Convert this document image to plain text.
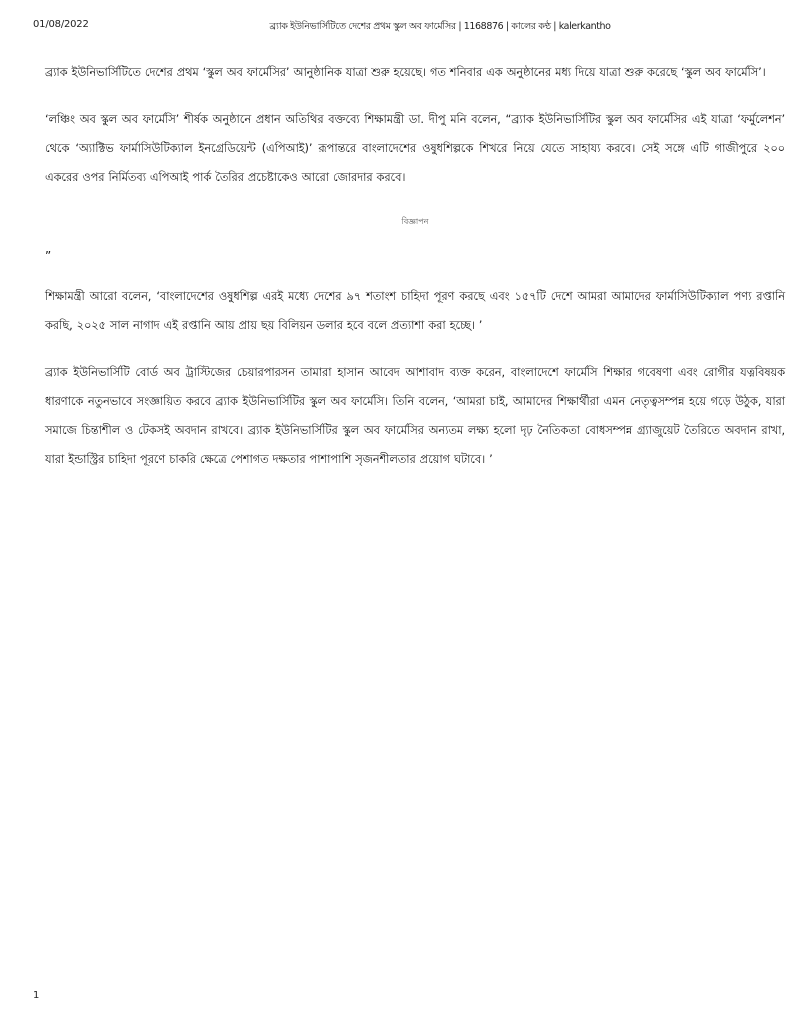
01/08/2022	ব্র্যাক ইউনিভার্সিটিতে দেশের প্রথম স্কুল অব ফার্মেসির | 1168876 | কালের কণ্ঠ | kalerkantho

ব্র্যাক ইউনিভার্সিটিতে দেশের প্রথম ‘স্কুল অব ফার্মেসির’ আনুষ্ঠানিক যাত্রা শুরু হয়েছে। গত শনিবার এক অনুষ্ঠানের মধ্য দিয়ে যাত্রা শুরু করেছে ‘স্কুল অব ফার্মেসি’।

‘লঞ্চিং অব স্কুল অব ফার্মেসি’ শীর্ষক অনুষ্ঠানে প্রধান অতিথির বক্তব্যে শিক্ষামন্ত্রী ডা. দীপু মনি বলেন, “ব্র্যাক ইউনিভার্সিটির স্কুল অব ফার্মেসির এই যাত্রা ‘ফর্মুলেশন’ থেকে ‘অ্যাক্টিভ ফার্মাসিউটিক্যাল ইনগ্রেডিয়েন্ট (এপিআই)’ রূপান্তরে বাংলাদেশের ওষুধশিল্পকে শিখরে নিয়ে যেতে সাহায্য করবে। সেই সঙ্গে এটি গাজীপুরে ২০০ একরের ওপর নির্মিতব্য এপিআই পার্ক তৈরির প্রচেষ্টাকেও আরো জোরদার করবে।

বিজ্ঞাপন
”

শিক্ষামন্ত্রী আরো বলেন, ‘বাংলাদেশের ওষুধশিল্প এরই মধ্যে দেশের ৯৭ শতাংশ চাহিদা পূরণ করছে এবং ১৫৭টি দেশে আমরা আমাদের ফার্মাসিউটিক্যাল পণ্য রপ্তানি করছি, ২০২৫ সাল নাগাদ এই রপ্তানি আয় প্রায় ছয় বিলিয়ন ডলার হবে বলে প্রত্যাশা করা হচ্ছে। ’

ব্র্যাক ইউনিভার্সিটি বোর্ড অব ট্রাস্টিজের চেয়ারপারসন তামারা হাসান আবেদ আশাবাদ ব্যক্ত করেন, বাংলাদেশে ফার্মেসি শিক্ষার গবেষণা এবং রোগীর যত্নবিষয়ক ধারণাকে নতুনভাবে সংজ্ঞায়িত করবে ব্র্যাক ইউনিভার্সিটির স্কুল অব ফার্মেসি। তিনি বলেন, ‘আমরা চাই, আমাদের শিক্ষার্থীরা এমন নেতৃত্বসম্পন্ন হয়ে গড়ে উঠুক, যারা সমাজে চিন্তাশীল ও টেকসই অবদান রাখবে। ব্র্যাক ইউনিভার্সিটির স্কুল অব ফার্মেসির অন্যতম লক্ষ্য হলো দৃঢ় নৈতিকতা বোধসম্পন্ন গ্র্যাজুয়েট তৈরিতে অবদান রাখা, যারা ইন্ডাস্ট্রির চাহিদা পূরণে চাকরি ক্ষেত্রে পেশাগত দক্ষতার পাশাপাশি সৃজনশীলতার প্রয়োগ ঘটাবে। ’

1
